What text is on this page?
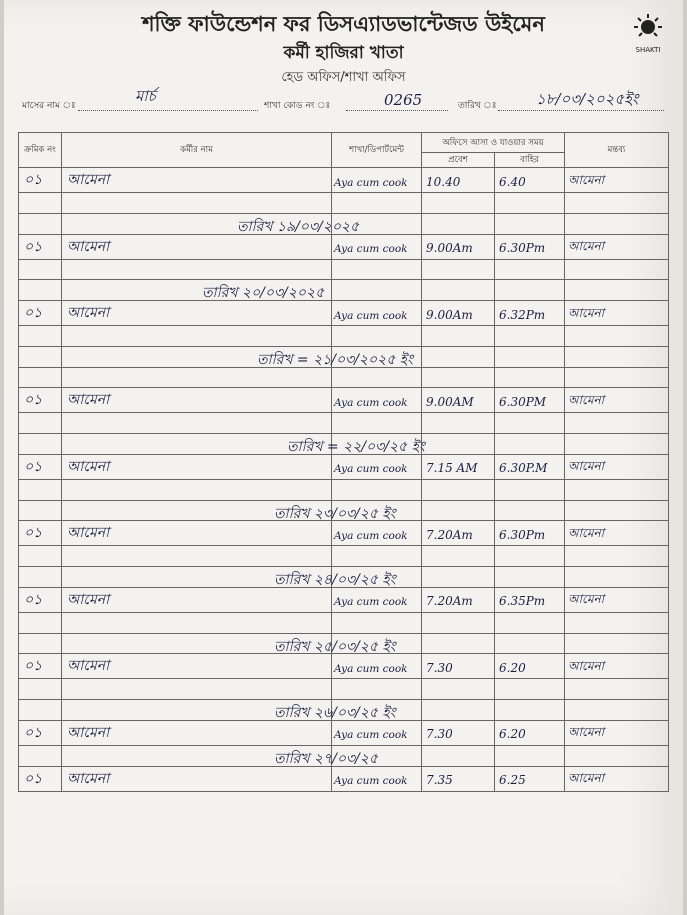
শক্তি ফাউন্ডেশন ফর ডিসএ্যাডভান্টেজড উইমেন
SHAKTI
কর্মী হাজিরা খাতা
হেড অফিস/শাখা অফিস
মাসের নাম ঃ
মার্চ
শাখা কোড নং ঃ	0265	তারিখ ঃ	১৮/০৩/২০২৫ইং
ক্রমিক নং	কর্মীর নাম	শাখা/ডিপার্টমেন্ট	অফিসে আসা ও যাওয়ার সময়		মন্তব্য
			প্রবেশ	বাহির	
০১	আমেনা	Aya cum cook	10.40	6.40	আমেনা

	তারিখ ১৯/০৩/২০২৫				

০১	আমেনা	Aya cum cook	9.00Am	6.30Pm	আমেনা

	তারিখ ২০/০৩/২০২৫				

০১	আমেনা	Aya cum cook	9.00Am	6.32Pm	আমেনা

	তারিখ = ২১/০৩/২০২৫ ইং				

০১	আমেনা	Aya cum cook	9.00AM	6.30PM	আমেনা

	তারিখ = ২২/০৩/২৫ ইং				

০১	আমেনা	Aya cum cook	7.15 AM	6.30P.M	আমেনা

	তারিখ ২৩/০৩/২৫ ইং				

০১	আমেনা	Aya cum cook	7.20Am	6.30Pm	আমেনা

	তারিখ ২৪/০৩/২৫ ইং				

০১	আমেনা	Aya cum cook	7.20Am	6.35Pm	আমেনা

	তারিখ ২৫/০৩/২৫ ইং				

০১	আমেনা	Aya cum cook	7.30	6.20	আমেনা

	তারিখ ২৬/০৩/২৫ ইং				

০১	আমেনা	Aya cum cook	7.30	6.20	আমেনা

	তারিখ ২৭/০৩/২৫				

০১	আমেনা	Aya cum cook	7.35	6.25	আমেনা
